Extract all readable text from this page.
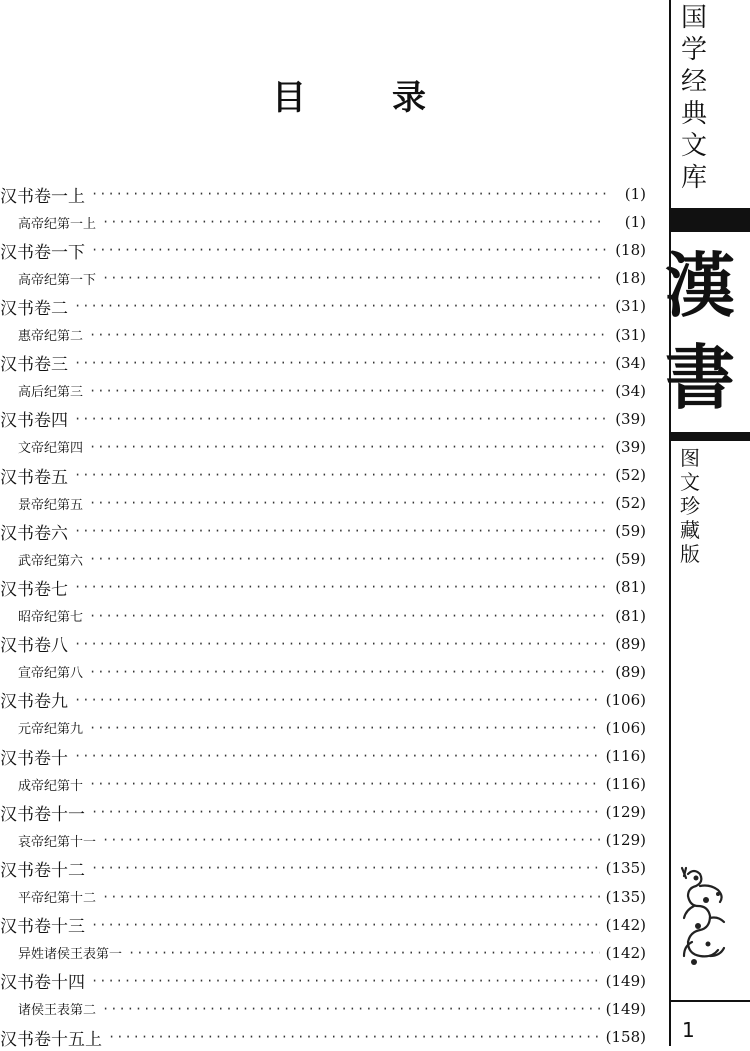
目　录
汉书卷一上 ·····	(1)
高帝纪第一上 ·····	(1)
汉书卷一下 ·····	(18)
高帝纪第一下 ·····	(18)
汉书卷二 ·····	(31)
惠帝纪第二 ·····	(31)
汉书卷三 ·····	(34)
高后纪第三 ·····	(34)
汉书卷四 ·····	(39)
文帝纪第四 ·····	(39)
汉书卷五 ·····	(52)
景帝纪第五 ·····	(52)
汉书卷六 ·····	(59)
武帝纪第六 ·····	(59)
汉书卷七 ·····	(81)
昭帝纪第七 ·····	(81)
汉书卷八 ·····	(89)
宣帝纪第八 ·····	(89)
汉书卷九 ·····	(106)
元帝纪第九 ·····	(106)
汉书卷十 ·····	(116)
成帝纪第十 ·····	(116)
汉书卷十一 ·····	(129)
哀帝纪第十一 ·····	(129)
汉书卷十二 ·····	(135)
平帝纪第十二 ·····	(135)
汉书卷十三 ·····	(142)
异姓诸侯王表第一 ·····	(142)
汉书卷十四 ·····	(149)
诸侯王表第二 ·····	(149)
汉书卷十五上 ·····	(158)
国学经典文库
漢書
图文珍藏版
1
